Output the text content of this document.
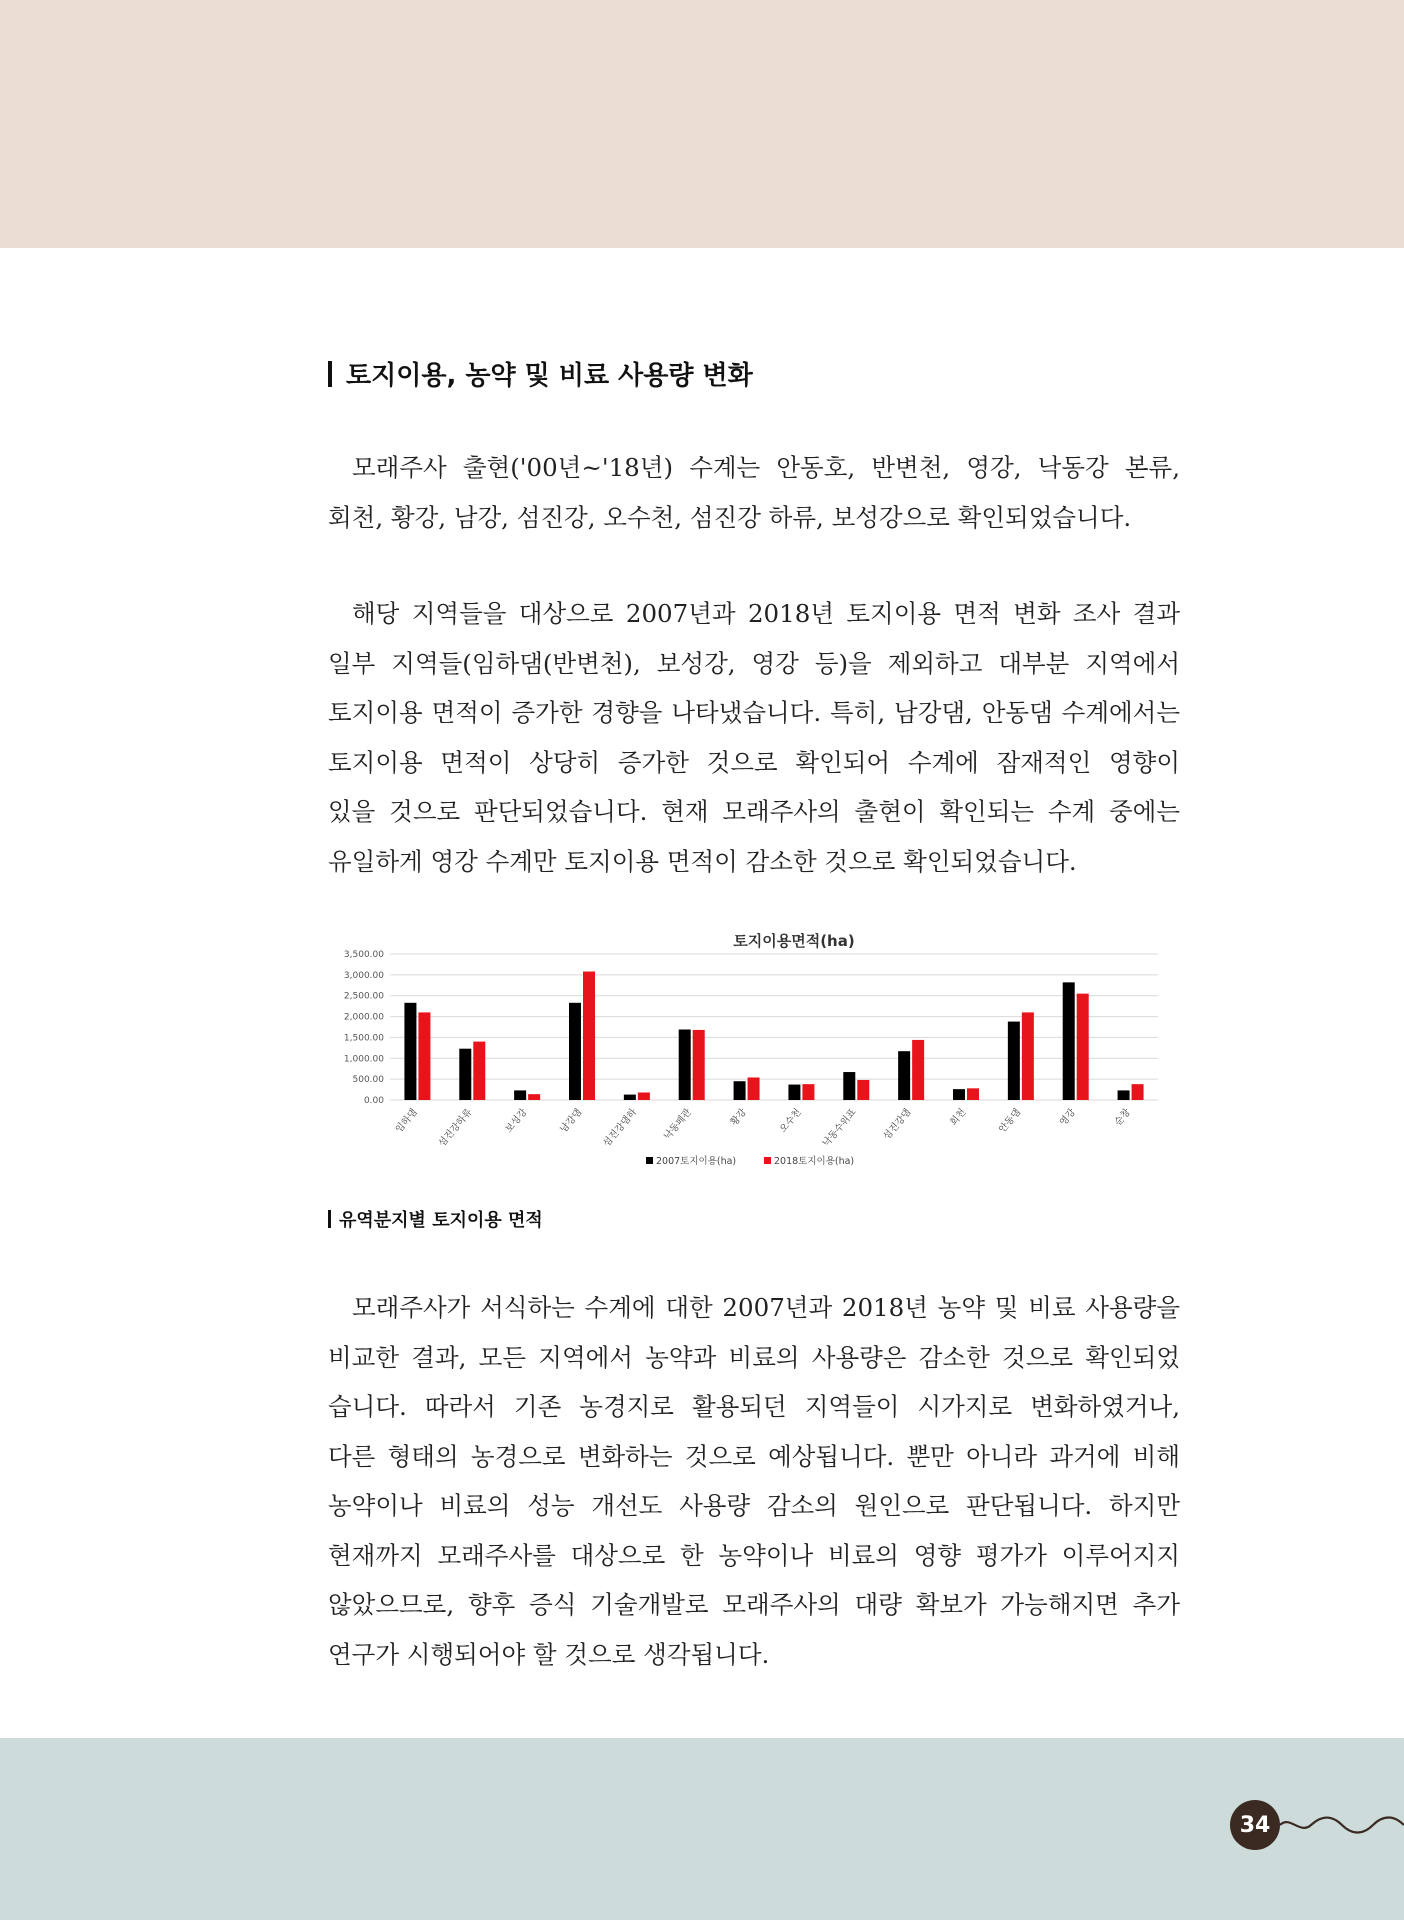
토지이용, 농약 및 비료 사용량 변화
모래주사 출현('00년~'18년) 수계는 안동호, 반변천, 영강, 낙동강 본류,
회천, 황강, 남강, 섬진강, 오수천, 섬진강 하류, 보성강으로 확인되었습니다.
해당 지역들을 대상으로 2007년과 2018년 토지이용 면적 변화 조사 결과
일부 지역들(임하댐(반변천), 보성강, 영강 등)을 제외하고 대부분 지역에서
토지이용 면적이 증가한 경향을 나타냈습니다. 특히, 남강댐, 안동댐 수계에서는
토지이용 면적이 상당히 증가한 것으로 확인되어 수계에 잠재적인 영향이
있을 것으로 판단되었습니다. 현재 모래주사의 출현이 확인되는 수계 중에는
유일하게 영강 수계만 토지이용 면적이 감소한 것으로 확인되었습니다.
토지이용면적(ha)
0.00
500.00
1,000.00
1,500.00
2,000.00
2,500.00
3,000.00
3,500.00
임하댐 섬진강하류	보성강	남강댐 섬진강댐하 낙동페관	황강	오수천 낙동수위표 섬진강댐	회천	안동댐	영강	순창
2007토지이용(ha)	2018토지이용(ha)
유역분지별 토지이용 면적
모래주사가 서식하는 수계에 대한 2007년과 2018년 농약 및 비료 사용량을
비교한 결과, 모든 지역에서 농약과 비료의 사용량은 감소한 것으로 확인되었
습니다. 따라서 기존 농경지로 활용되던 지역들이 시가지로 변화하였거나,
다른 형태의 농경으로 변화하는 것으로 예상됩니다. 뿐만 아니라 과거에 비해
농약이나 비료의 성능 개선도 사용량 감소의 원인으로 판단됩니다. 하지만
현재까지 모래주사를 대상으로 한 농약이나 비료의 영향 평가가 이루어지지
않았으므로, 향후 증식 기술개발로 모래주사의 대량 확보가 가능해지면 추가
연구가 시행되어야 할 것으로 생각됩니다.
34
